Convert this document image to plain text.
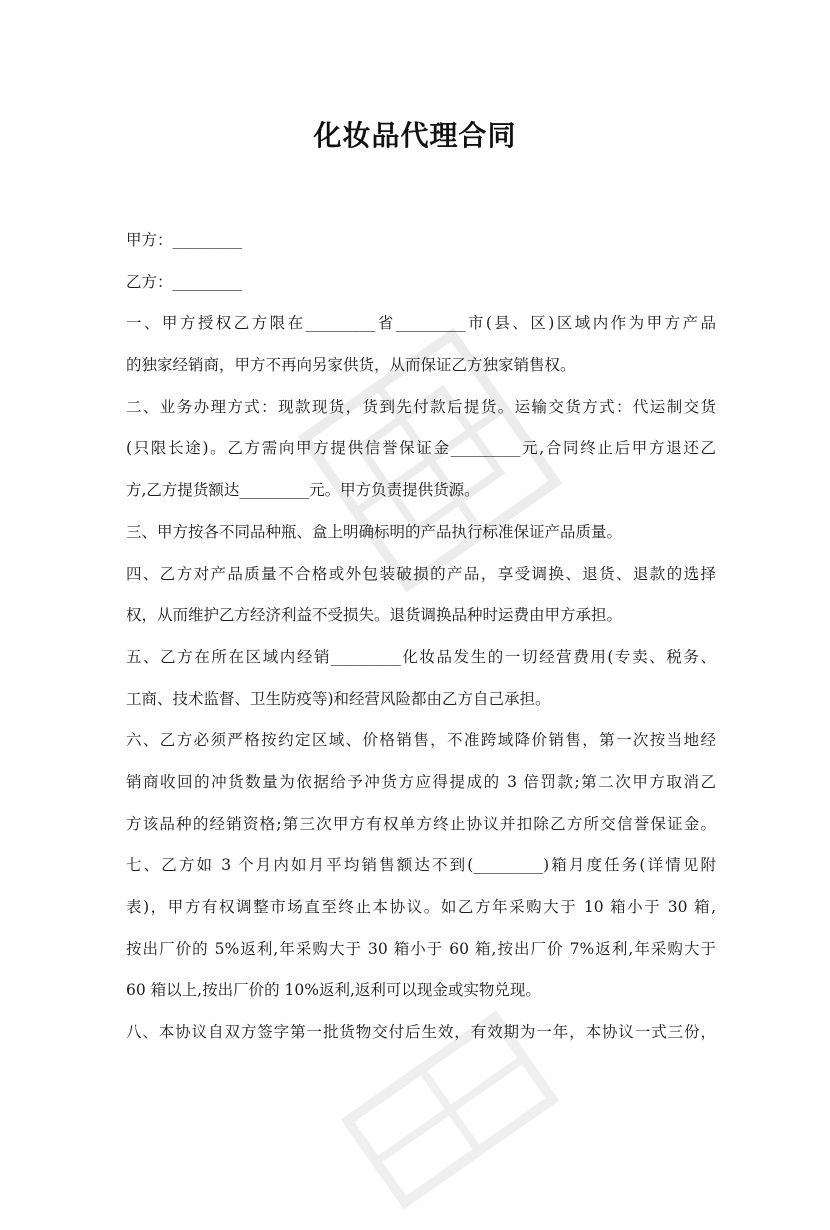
化妆品代理合同
甲方：_________
乙方：_________
一、甲方授权乙方限在_________省_________市(县、区)区域内作为甲方产品
的独家经销商，甲方不再向另家供货，从而保证乙方独家销售权。
二、业务办理方式：现款现货，货到先付款后提货。运输交货方式：代运制交货
(只限长途)。乙方需向甲方提供信誉保证金_________元,合同终止后甲方退还乙
方,乙方提货额达_________元。甲方负责提供货源。
三、甲方按各不同品种瓶、盒上明确标明的产品执行标准保证产品质量。
四、乙方对产品质量不合格或外包装破损的产品，享受调换、退货、退款的选择
权，从而维护乙方经济利益不受损失。退货调换品种时运费由甲方承担。
五、乙方在所在区域内经销_________化妆品发生的一切经营费用(专卖、税务、
工商、技术监督、卫生防疫等)和经营风险都由乙方自己承担。
六、乙方必须严格按约定区域、价格销售，不准跨域降价销售，第一次按当地经
销商收回的冲货数量为依据给予冲货方应得提成的 3 倍罚款;第二次甲方取消乙
方该品种的经销资格;第三次甲方有权单方终止协议并扣除乙方所交信誉保证金。
七、乙方如 3 个月内如月平均销售额达不到(_________)箱月度任务(详情见附
表)，甲方有权调整市场直至终止本协议。如乙方年采购大于 10 箱小于 30 箱,
按出厂价的 5%返利,年采购大于 30 箱小于 60 箱,按出厂价 7%返利,年采购大于
60 箱以上,按出厂价的 10%返利,返利可以现金或实物兑现。
八、本协议自双方签字第一批货物交付后生效，有效期为一年，本协议一式三份，
